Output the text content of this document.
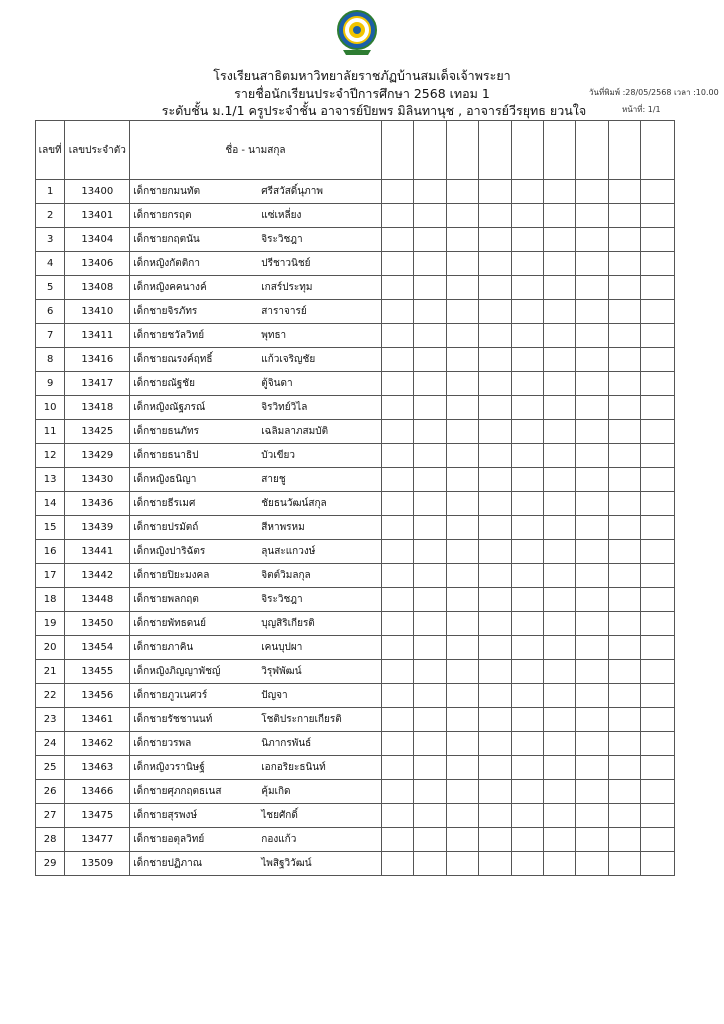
โรงเรียนสาธิตมหาวิทยาลัยราชภัฏบ้านสมเด็จเจ้าพระยา
รายชื่อนักเรียนประจำปีการศึกษา 2568 เทอม 1
ระดับชั้น ม.1/1 ครูประจำชั้น อาจารย์ปิยพร มิลินทานุช , อาจารย์วีรยุทธ ยวนใจ
วันที่พิมพ์ :28/05/2568 เวลา :10.00
หน้าที่: 1/1
เลขที่	เลขประจำตัว	ชื่อ - นามสกุล									
1	13400	เด็กชายกมนทัต ศรีสวัสดิ์นุภาพ									
2	13401	เด็กชายกรฤต แซ่เหลี่ยง									
3	13404	เด็กชายกฤตนัน จิระวิชฎา									
4	13406	เด็กหญิงกัตติกา ปรีชาวนิชย์									
5	13408	เด็กหญิงคคนางค์ เกสร์ประทุม									
6	13410	เด็กชายจิรภัทร สาราจารย์									
7	13411	เด็กชายชวัลวิทย์ พุทธา									
8	13416	เด็กชายณรงค์ฤทธิ์ แก้วเจริญชัย									
9	13417	เด็กชายณัฐชัย ตู้จินดา									
10	13418	เด็กหญิงณัฐภรณ์ จิรวิทย์วิไล									
11	13425	เด็กชายธนภัทร เฉลิมลาภสมบัติ									
12	13429	เด็กชายธนาธิป บัวเขียว									
13	13430	เด็กหญิงธนิญา สายชู									
14	13436	เด็กชายธีรเมศ ชัยธนวัฒน์สกุล									
15	13439	เด็กชายปรมัตถ์ สีหาพรหม									
16	13441	เด็กหญิงปาริฉัตร ลุนสะแกวงษ์									
17	13442	เด็กชายปิยะมงคล จิตต์วิมลกุล									
18	13448	เด็กชายพลกฤต จิระวิชฎา									
19	13450	เด็กชายพัทธดนย์ บุญสิริเกียรติ									
20	13454	เด็กชายภาคิน เคนบุปผา									
21	13455	เด็กหญิงภิญญาพัชญ์ วิรุฬพัฒน์									
22	13456	เด็กชายภูวเนศวร์ ปัญจา									
23	13461	เด็กชายรัชชานนท์ โชติประกายเกียรติ									
24	13462	เด็กชายวรพล นิภากรพันธ์									
25	13463	เด็กหญิงวรานิษฐ์ เอกอริยะธนินท์									
26	13466	เด็กชายศุภกฤตธเนส คุ้มเกิด									
27	13475	เด็กชายสุรพงษ์ ไชยศักดิ์									
28	13477	เด็กชายอตุลวิทย์ กองแก้ว									
29	13509	เด็กชายปฏิภาณ ไพสิฐวิวัฒน์									
